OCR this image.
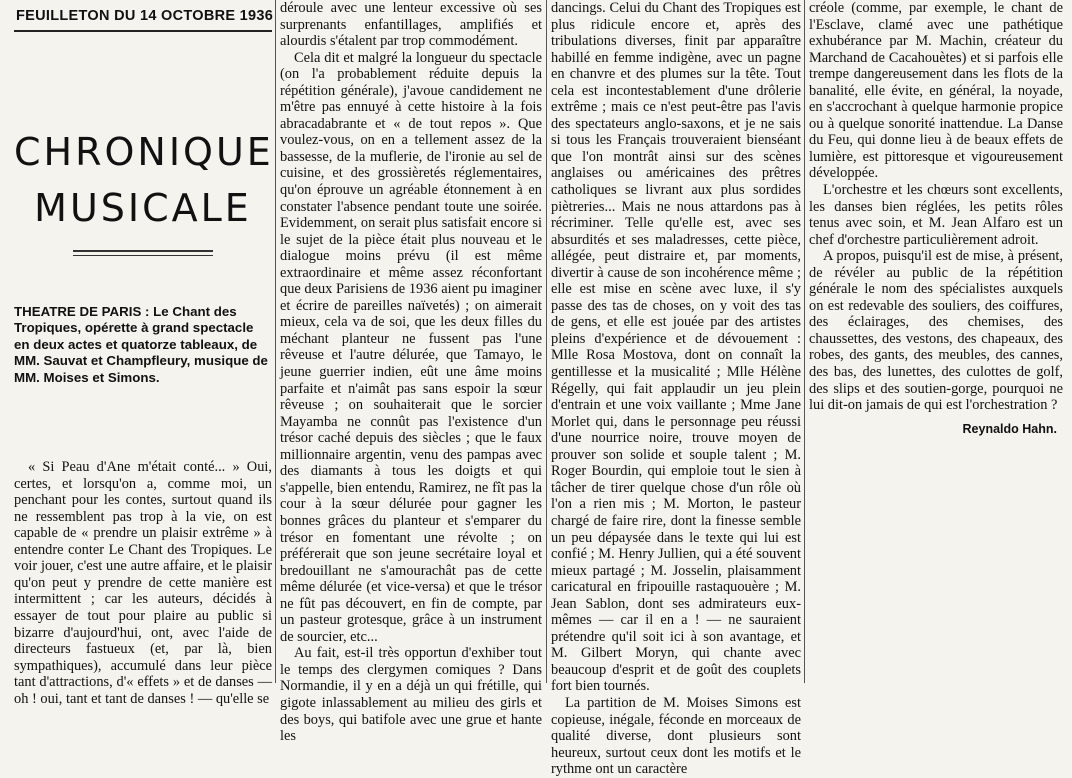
FEUILLETON DU 14 OCTOBRE 1936
CHRONIQUE
MUSICALE
THEATRE DE PARIS : Le Chant des Tropiques, opérette à grand spectacle en deux actes et quatorze tableaux, de MM. Sauvat et Champfleury, musique de MM. Moises et Simons.

« Si Peau d'Ane m'était conté... » Oui, certes, et lorsqu'on a, comme moi, un penchant pour les contes, surtout quand ils ne ressemblent pas trop à la vie, on est capable de « prendre un plaisir extrême » à entendre conter Le Chant des Tropiques. Le voir jouer, c'est une autre affaire, et le plaisir qu'on peut y prendre de cette manière est intermittent ; car les auteurs, décidés à essayer de tout pour plaire au public si bizarre d'aujourd'hui, ont, avec l'aide de directeurs fastueux (et, par là, bien sympathiques), accumulé dans leur pièce tant d'attractions, d'« effets » et de danses — oh ! oui, tant et tant de danses ! — qu'elle se

déroule avec une lenteur excessive où ses surprenants enfantillages, amplifiés et alourdis s'étalent par trop commodément.

Cela dit et malgré la longueur du spectacle (on l'a probablement réduite depuis la répétition générale), j'avoue candidement ne m'être pas ennuyé à cette histoire à la fois abracadabrante et « de tout repos ». Que voulez-vous, on en a tellement assez de la bassesse, de la muflerie, de l'ironie au sel de cuisine, et des grossièretés réglementaires, qu'on éprouve un agréable étonnement à en constater l'absence pendant toute une soirée. Evidemment, on serait plus satisfait encore si le sujet de la pièce était plus nouveau et le dialogue moins prévu (il est même extraordinaire et même assez réconfortant que deux Parisiens de 1936 aient pu imaginer et écrire de pareilles naïvetés) ; on aimerait mieux, cela va de soi, que les deux filles du méchant planteur ne fussent pas l'une rêveuse et l'autre délurée, que Tamayo, le jeune guerrier indien, eût une âme moins parfaite et n'aimât pas sans espoir la sœur rêveuse ; on souhaiterait que le sorcier Mayamba ne connût pas l'existence d'un trésor caché depuis des siècles ; que le faux millionnaire argentin, venu des pampas avec des diamants à tous les doigts et qui s'appelle, bien entendu, Ramirez, ne fît pas la cour à la sœur délurée pour gagner les bonnes grâces du planteur et s'emparer du trésor en fomentant une révolte ; on préférerait que son jeune secrétaire loyal et bredouillant ne s'amourachât pas de cette même délurée (et vice-versa) et que le trésor ne fût pas découvert, en fin de compte, par un pasteur grotesque, grâce à un instrument de sourcier, etc...

Au fait, est-il très opportun d'exhiber tout le temps des clergymen comiques ? Dans Normandie, il y en a déjà un qui frétille, qui gigote inlassablement au milieu des girls et des boys, qui batifole avec une grue et hante les

dancings. Celui du Chant des Tropiques est plus ridicule encore et, après des tribulations diverses, finit par apparaître habillé en femme indigène, avec un pagne en chanvre et des plumes sur la tête. Tout cela est incontestablement d'une drôlerie extrême ; mais ce n'est peut-être pas l'avis des spectateurs anglo-saxons, et je ne sais si tous les Français trouveraient bienséant que l'on montrât ainsi sur des scènes anglaises ou américaines des prêtres catholiques se livrant aux plus sordides piètreries... Mais ne nous attardons pas à récriminer. Telle qu'elle est, avec ses absurdités et ses maladresses, cette pièce, allégée, peut distraire et, par moments, divertir à cause de son incohérence même ; elle est mise en scène avec luxe, il s'y passe des tas de choses, on y voit des tas de gens, et elle est jouée par des artistes pleins d'expérience et de dévouement : Mlle Rosa Mostova, dont on connaît la gentillesse et la musicalité ; Mlle Hélène Régelly, qui fait applaudir un jeu plein d'entrain et une voix vaillante ; Mme Jane Morlet qui, dans le personnage peu réussi d'une nourrice noire, trouve moyen de prouver son solide et souple talent ; M. Roger Bourdin, qui emploie tout le sien à tâcher de tirer quelque chose d'un rôle où l'on a rien mis ; M. Morton, le pasteur chargé de faire rire, dont la finesse semble un peu dépaysée dans le texte qui lui est confié ; M. Henry Jullien, qui a été souvent mieux partagé ; M. Josselin, plaisamment caricatural en fripouille rastaquouère ; M. Jean Sablon, dont ses admirateurs eux-mêmes — car il en a ! — ne sauraient prétendre qu'il soit ici à son avantage, et M. Gilbert Moryn, qui chante avec beaucoup d'esprit et de goût des couplets fort bien tournés.

La partition de M. Moises Simons est copieuse, inégale, féconde en morceaux de qualité diverse, dont plusieurs sont heureux, surtout ceux dont les motifs et le rythme ont un caractère

créole (comme, par exemple, le chant de l'Esclave, clamé avec une pathétique exhubérance par M. Machin, créateur du Marchand de Cacahouètes) et si parfois elle trempe dangereusement dans les flots de la banalité, elle évite, en général, la noyade, en s'accrochant à quelque harmonie propice ou à quelque sonorité inattendue. La Danse du Feu, qui donne lieu à de beaux effets de lumière, est pittoresque et vigoureusement développée.

L'orchestre et les chœurs sont excellents, les danses bien réglées, les petits rôles tenus avec soin, et M. Jean Alfaro est un chef d'orchestre particulièrement adroit.

A propos, puisqu'il est de mise, à présent, de révéler au public de la répétition générale le nom des spécialistes auxquels on est redevable des souliers, des coiffures, des éclairages, des chemises, des chaussettes, des vestons, des chapeaux, des robes, des gants, des meubles, des cannes, des bas, des lunettes, des culottes de golf, des slips et des soutien-gorge, pourquoi ne lui dit-on jamais de qui est l'orchestration ?

Reynaldo Hahn.
